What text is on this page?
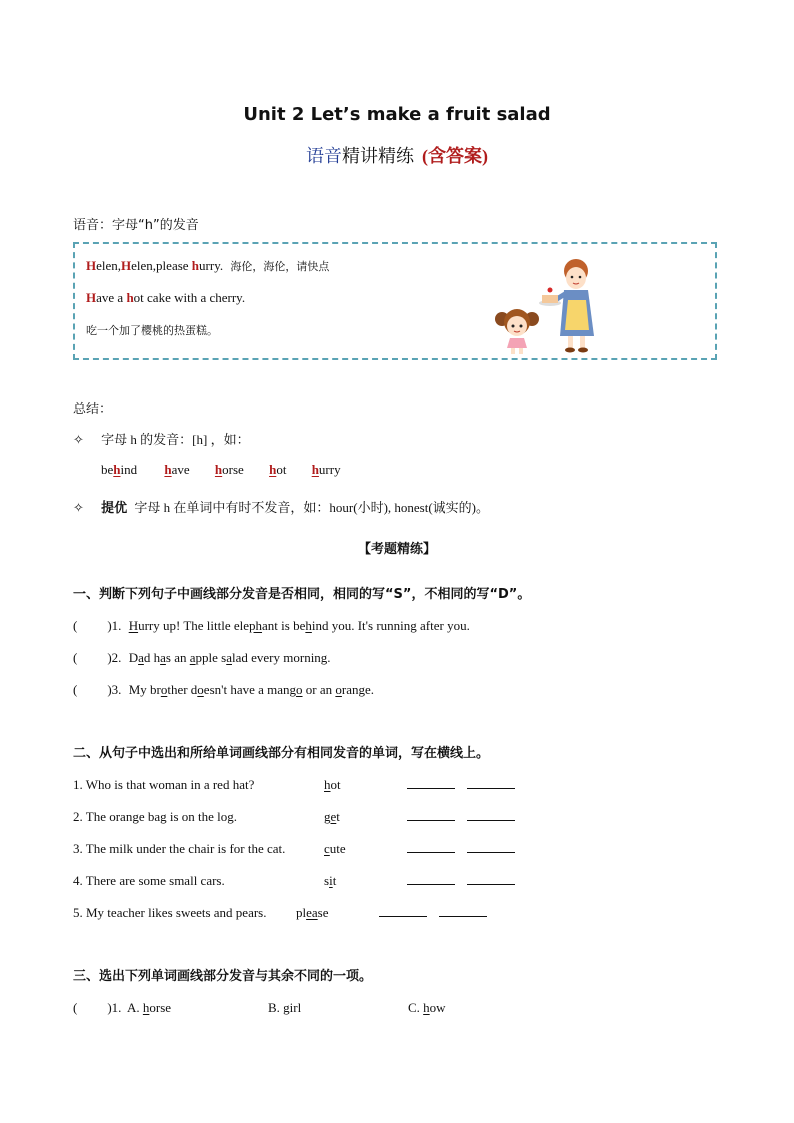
Unit 2 Let’s make a fruit salad
语音精讲精练 (含答案)
语音：字母“h”的发音
Helen,Helen,please hurry. 海伦，海伦，请快点
Have a hot cake with a cherry.
吃一个加了樱桃的热蛋糕。
总结：
✧ 字母 h 的发音：[h] ，如：
behind have horse hot hurry
✧ 提优 字母 h 在单词中有时不发音，如：hour(小时), honest(诚实的)。
【考题精练】
一、判断下列句子中画线部分发音是否相同，相同的写“S”，不相同的写“D”。
( )1. Hurry up! The little elephant is behind you. It's running after you.
( )2. Dad has an apple salad every morning.
( )3. My brother doesn't have a mango or an orange.
二、从句子中选出和所给单词画线部分有相同发音的单词，写在横线上。
1. Who is that woman in a red hat?	hot
2. The orange bag is on the log.	get
3. The milk under the chair is for the cat.	cute
4. There are some small cars.	sit
5. My teacher likes sweets and pears. please
三、选出下列单词画线部分发音与其余不同的一项。
( )1. A. horse	B. girl	C. how
